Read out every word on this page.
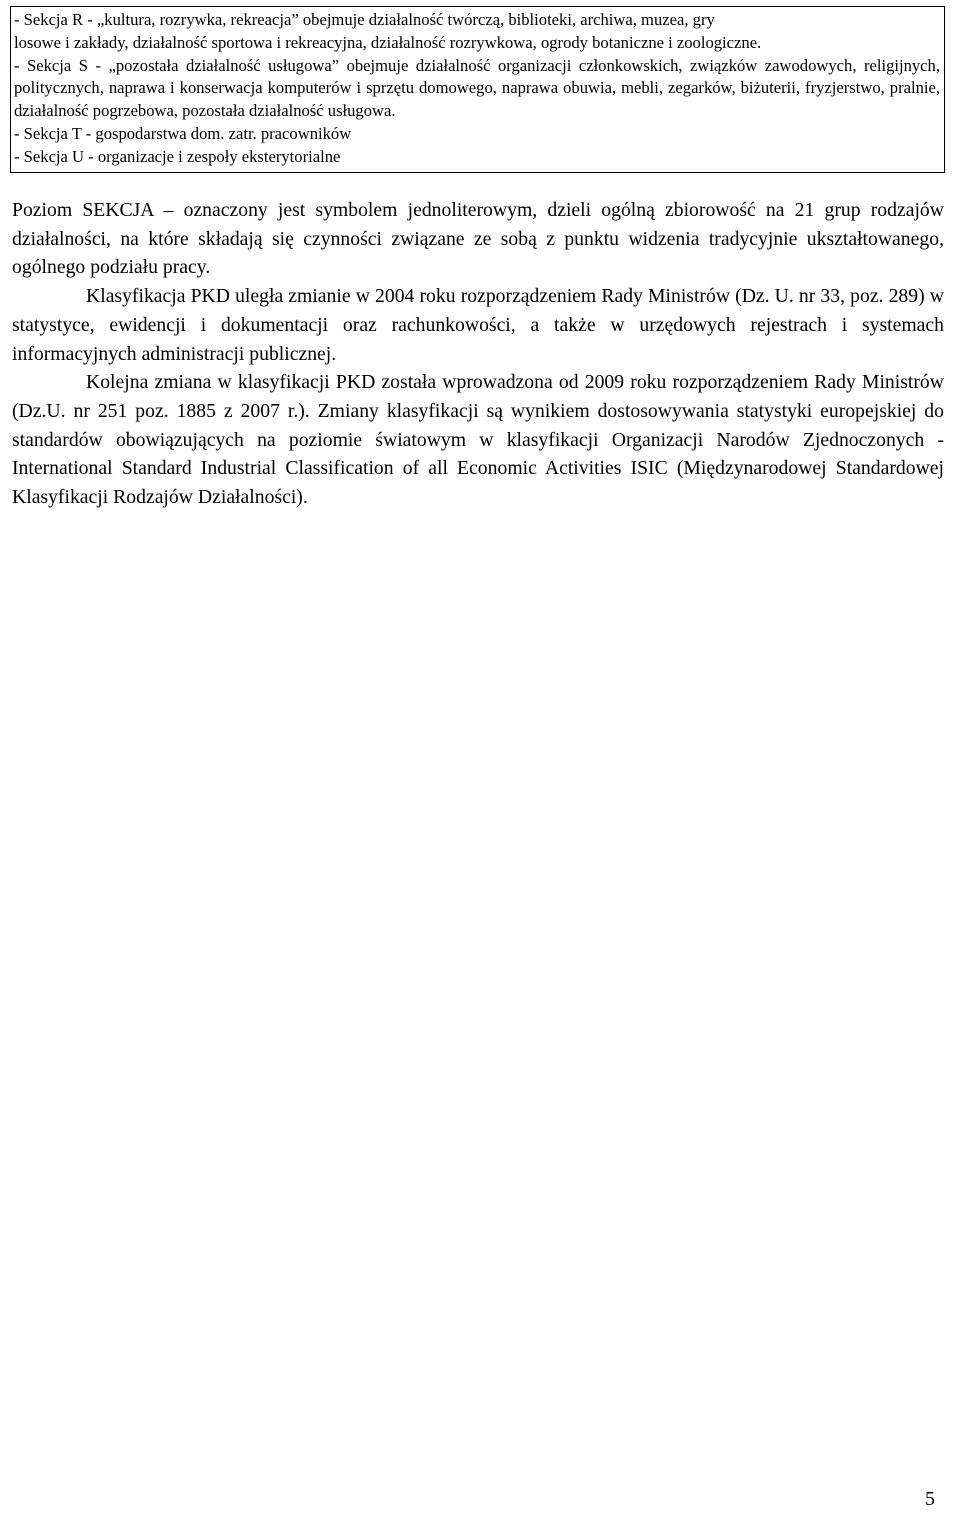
- Sekcja R - „kultura, rozrywka, rekreacja” obejmuje działalność twórczą, biblioteki, archiwa, muzea, gry
losowe i zakłady, działalność sportowa i rekreacyjna, działalność rozrywkowa, ogrody botaniczne i zoologiczne.
- Sekcja S - „pozostała działalność usługowa” obejmuje działalność organizacji członkowskich, związków zawodowych, religijnych, politycznych, naprawa i konserwacja komputerów i sprzętu domowego, naprawa obuwia, mebli, zegarków, biżuterii, fryzjerstwo, pralnie, działalność pogrzebowa, pozostała działalność usługowa.
- Sekcja T - gospodarstwa dom. zatr. pracowników
- Sekcja U - organizacje i zespoły eksterytorialne

Poziom SEKCJA – oznaczony jest symbolem jednoliterowym, dzieli ogólną zbiorowość na 21 grup rodzajów działalności, na które składają się czynności związane ze sobą z punktu widzenia tradycyjnie ukształtowanego, ogólnego podziału pracy.

Klasyfikacja PKD uległa zmianie w 2004 roku rozporządzeniem Rady Ministrów (Dz. U. nr 33, poz. 289) w statystyce, ewidencji i dokumentacji oraz rachunkowości, a także w urzędowych rejestrach i systemach informacyjnych administracji publicznej.

Kolejna zmiana w klasyfikacji PKD została wprowadzona od 2009 roku rozporządzeniem Rady Ministrów (Dz.U. nr 251 poz. 1885 z 2007 r.). Zmiany klasyfikacji są wynikiem dostosowywania statystyki europejskiej do standardów obowiązujących na poziomie światowym w klasyfikacji Organizacji Narodów Zjednoczonych - International Standard Industrial Classification of all Economic Activities ISIC (Międzynarodowej Standardowej Klasyfikacji Rodzajów Działalności).

5
